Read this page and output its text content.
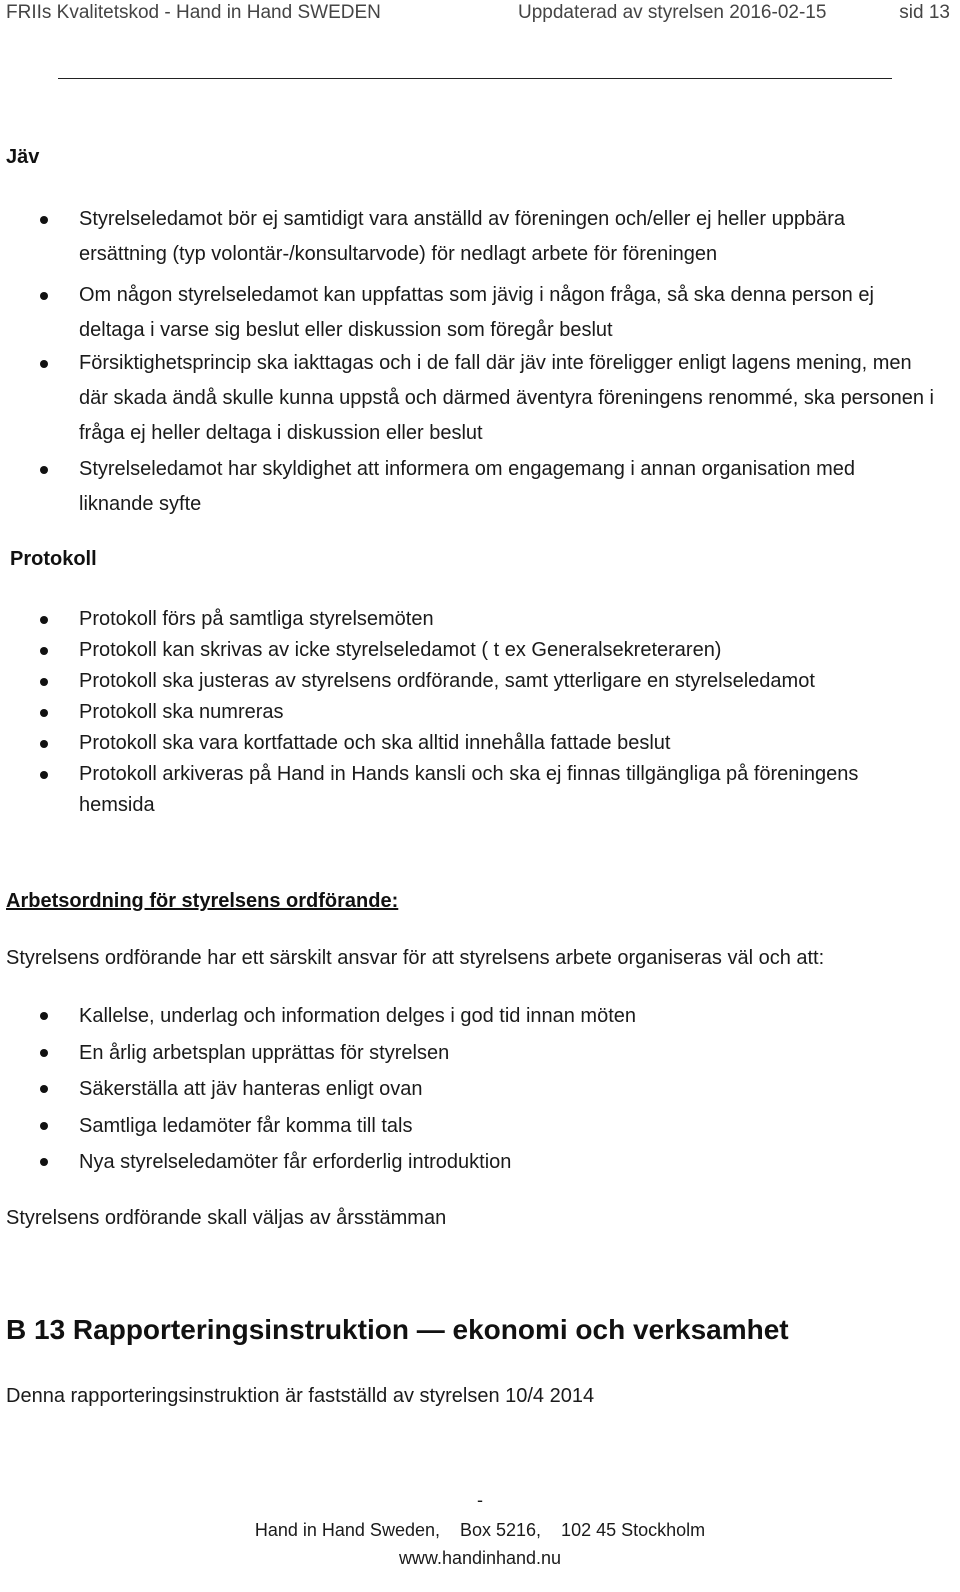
FRIIs Kvalitetskod - Hand in Hand SWEDEN	Uppdaterad av styrelsen 2016-02-15	sid 13
Jäv
Styrelseledamot bör ej samtidigt vara anställd av föreningen och/eller ej heller uppbära ersättning (typ volontär-/konsultarvode) för nedlagt arbete för föreningen
Om någon styrelseledamot kan uppfattas som jävig i någon fråga, så ska denna person ej deltaga i varse sig beslut eller diskussion som föregår beslut
Försiktighetsprincip ska iakttagas och i de fall där jäv inte föreligger enligt lagens mening, men där skada ändå skulle kunna uppstå och därmed äventyra föreningens renommé, ska personen i fråga ej heller deltaga i diskussion eller beslut
Styrelseledamot har skyldighet att informera om engagemang i annan organisation med liknande syfte
Protokoll
Protokoll förs på samtliga styrelsemöten
Protokoll kan skrivas av icke styrelseledamot ( t ex Generalsekreteraren)
Protokoll ska justeras av styrelsens ordförande, samt ytterligare en styrelseledamot
Protokoll ska numreras
Protokoll ska vara kortfattade och ska alltid innehålla fattade beslut
Protokoll arkiveras på Hand in Hands kansli och ska ej finnas tillgängliga på föreningens hemsida
Arbetsordning för styrelsens ordförande:
Styrelsens ordförande har ett särskilt ansvar för att styrelsens arbete organiseras väl och att:
Kallelse, underlag och information delges i god tid innan möten
En årlig arbetsplan upprättas för styrelsen
Säkerställa att jäv hanteras enligt ovan
Samtliga ledamöter får komma till tals
Nya styrelseledamöter får erforderlig introduktion
Styrelsens ordförande skall väljas av årsstämman
B 13 Rapporteringsinstruktion — ekonomi och verksamhet
Denna rapporteringsinstruktion är fastställd av styrelsen 10/4 2014
-
Hand in Hand Sweden,    Box 5216,    102 45 Stockholm
www.handinhand.nu
